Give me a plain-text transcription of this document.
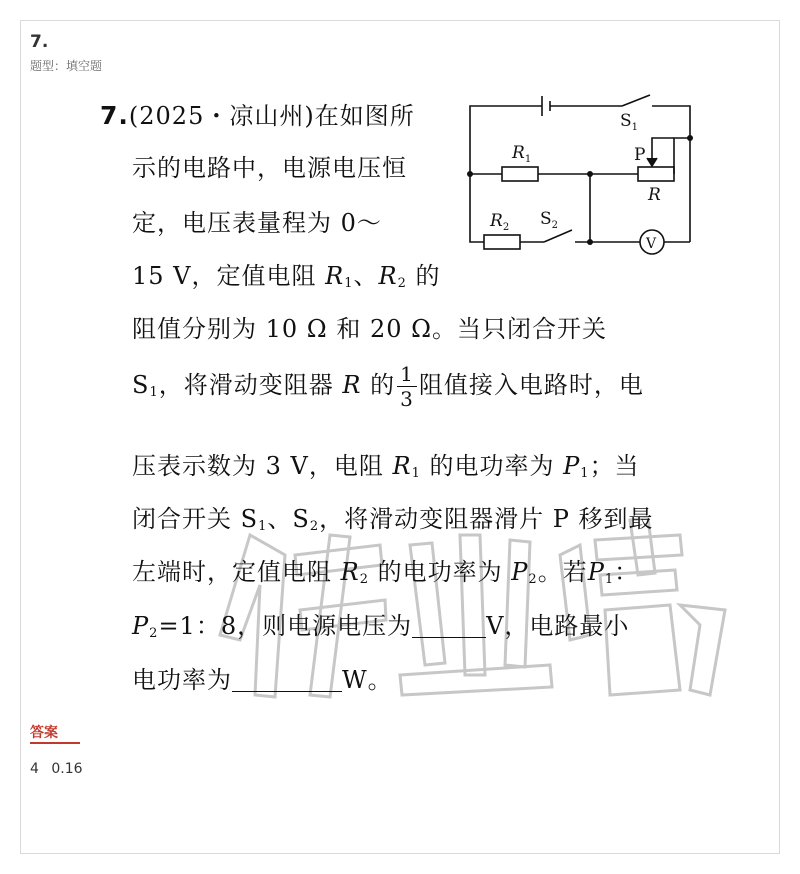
7.
题型：填空题
7.(2025・凉山州)在如图所
示的电路中，电源电压恒
定，电压表量程为 0～
15 V，定值电阻 $R_1$、$R_2$ 的
阻值分别为 10 Ω 和 20 Ω。当只闭合开关
$S_1$，将滑动变阻器 R 的 $\frac{1}{3}$ 阻值接入电路时，电
压表示数为 3 V，电阻 $R_1$ 的电功率为 $P_1$；当
闭合开关 $S_1$、$S_2$，将滑动变阻器滑片 P 移到最
左端时，定值电阻 $R_2$ 的电功率为 $P_2$。若$P_1$：
$P_2=1$：8，则电源电压为	V，电路最小
电功率为	W。
$S_1$
$R_1$	P
R
$R_2$ $S_2$
V
答案
4 0.16
